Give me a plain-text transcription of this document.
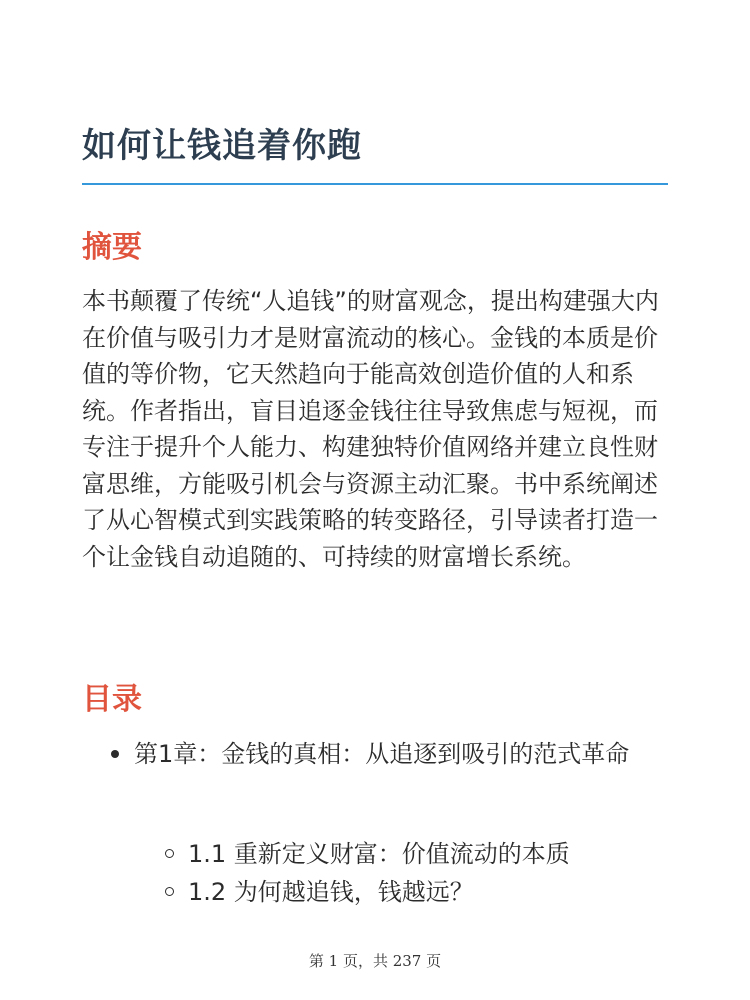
如何让钱追着你跑
摘要

本书颠覆了传统“人追钱”的财富观念，提出构建强大内在价值与吸引力才是财富流动的核心。金钱的本质是价值的等价物，它天然趋向于能高效创造价值的人和系统。作者指出，盲目追逐金钱往往导致焦虑与短视，而专注于提升个人能力、构建独特价值网络并建立良性财富思维，方能吸引机会与资源主动汇聚。书中系统阐述了从心智模式到实践策略的转变路径，引导读者打造一个让金钱自动追随的、可持续的财富增长系统。

目录
第1章：金钱的真相：从追逐到吸引的范式革命
1.1 重新定义财富：价值流动的本质
1.2 为何越追钱，钱越远？
第 1 页，共 237 页
